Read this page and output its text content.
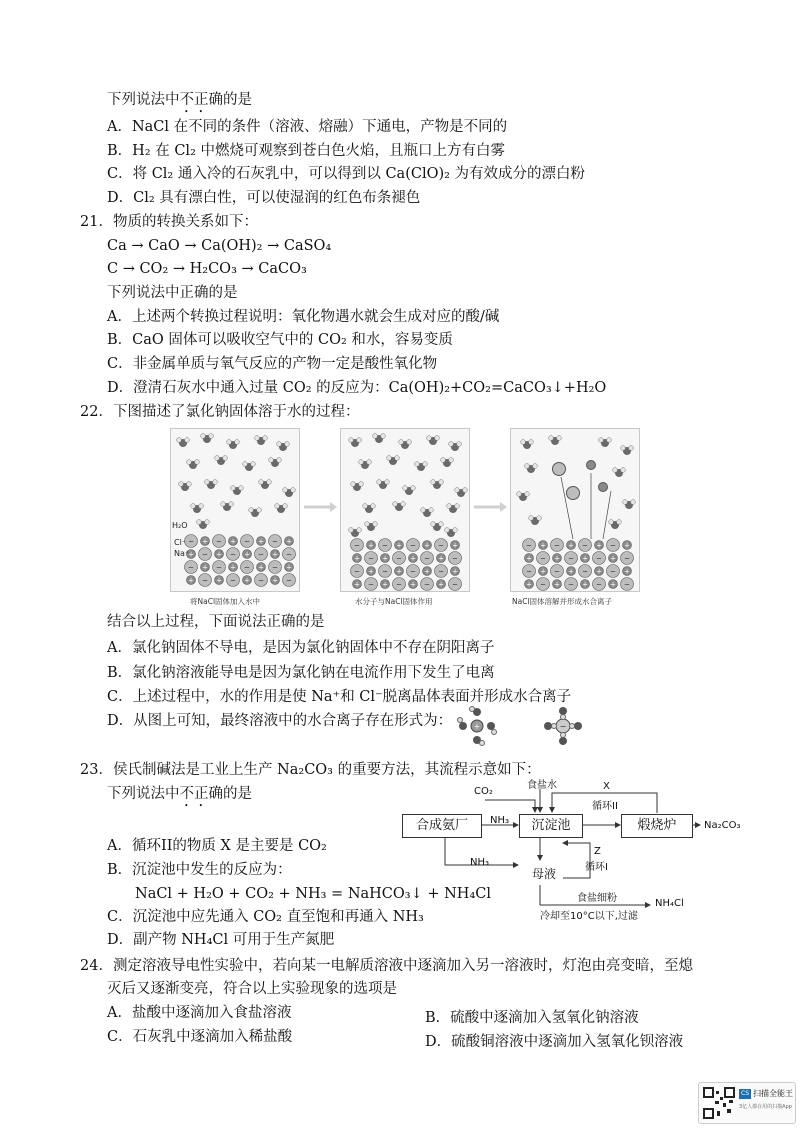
下列说法中不正确的是
A．NaCl 在不同的条件（溶液、熔融）下通电，产物是不同的
B．H₂ 在 Cl₂ 中燃烧可观察到苍白色火焰，且瓶口上方有白雾
C．将 Cl₂ 通入冷的石灰乳中，可以得到以 Ca(ClO)₂ 为有效成分的漂白粉
D．Cl₂ 具有漂白性，可以使湿润的红色布条褪色
21．物质的转换关系如下：
Ca → CaO → Ca(OH)₂ → CaSO₄
C → CO₂ → H₂CO₃ → CaCO₃
下列说法中正确的是
A．上述两个转换过程说明：氧化物遇水就会生成对应的酸/碱
B．CaO 固体可以吸收空气中的 CO₂ 和水，容易变质
C．非金属单质与氧气反应的产物一定是酸性氧化物
D．澄清石灰水中通入过量 CO₂ 的反应为：Ca(OH)₂+CO₂=CaCO₃↓+H₂O
22．下图描述了氯化钠固体溶于水的过程：
− + − + − + − +
+ − + − + − + −
− + − + − + − +
+ − + − + − + −
− + − + − + − +
+ − + − + − + −
− + − + − + − +
+ − + − + − + −
− + − + − + − +
+ − + − + − + −
− + − + − + − +
+ − + − + − + −
H₂O
Cl⁻
Na⁺
将NaCl固体加入水中	水分子与NaCl固体作用	NaCl固体溶解并形成水合离子
结合以上过程，下面说法正确的是
A．氯化钠固体不导电，是因为氯化钠固体中不存在阴阳离子
B．氯化钠溶液能导电是因为氯化钠在电流作用下发生了电离
C．上述过程中，水的作用是使 Na⁺和 Cl⁻脱离晶体表面并形成水合离子
D．从图上可知，最终溶液中的水合离子存在形式为：	+	−
23．侯氏制碱法是工业上生产 Na₂CO₃ 的重要方法，其流程示意如下：
下列说法中不正确的是
A．循环II的物质 X 是主要是 CO₂
B．沉淀池中发生的反应为：
NaCl + H₂O + CO₂ + NH₃ = NaHCO₃↓ + NH₄Cl
C．沉淀池中应先通入 CO₂ 直至饱和再通入 NH₃
D．副产物 NH₄Cl 可用于生产氮肥
合成氨厂	沉淀池	煅烧炉
CO₂
食盐水	X
循环II
NH₃	Na₂CO₃
NH₃
Z
循环I
母液
食盐细粉
冷却至10°C以下,过滤
NH₄Cl
24．测定溶液导电性实验中，若向某一电解质溶液中逐滴加入另一溶液时，灯泡由亮变暗，至熄
灭后又逐渐变亮，符合以上实验现象的选项是
A．盐酸中逐滴加入食盐溶液	B．硫酸中逐滴加入氢氧化钠溶液
C．石灰乳中逐滴加入稀盐酸	D．硫酸铜溶液中逐滴加入氢氧化钡溶液
CS 扫描全能王
3亿人都在用的扫描App
